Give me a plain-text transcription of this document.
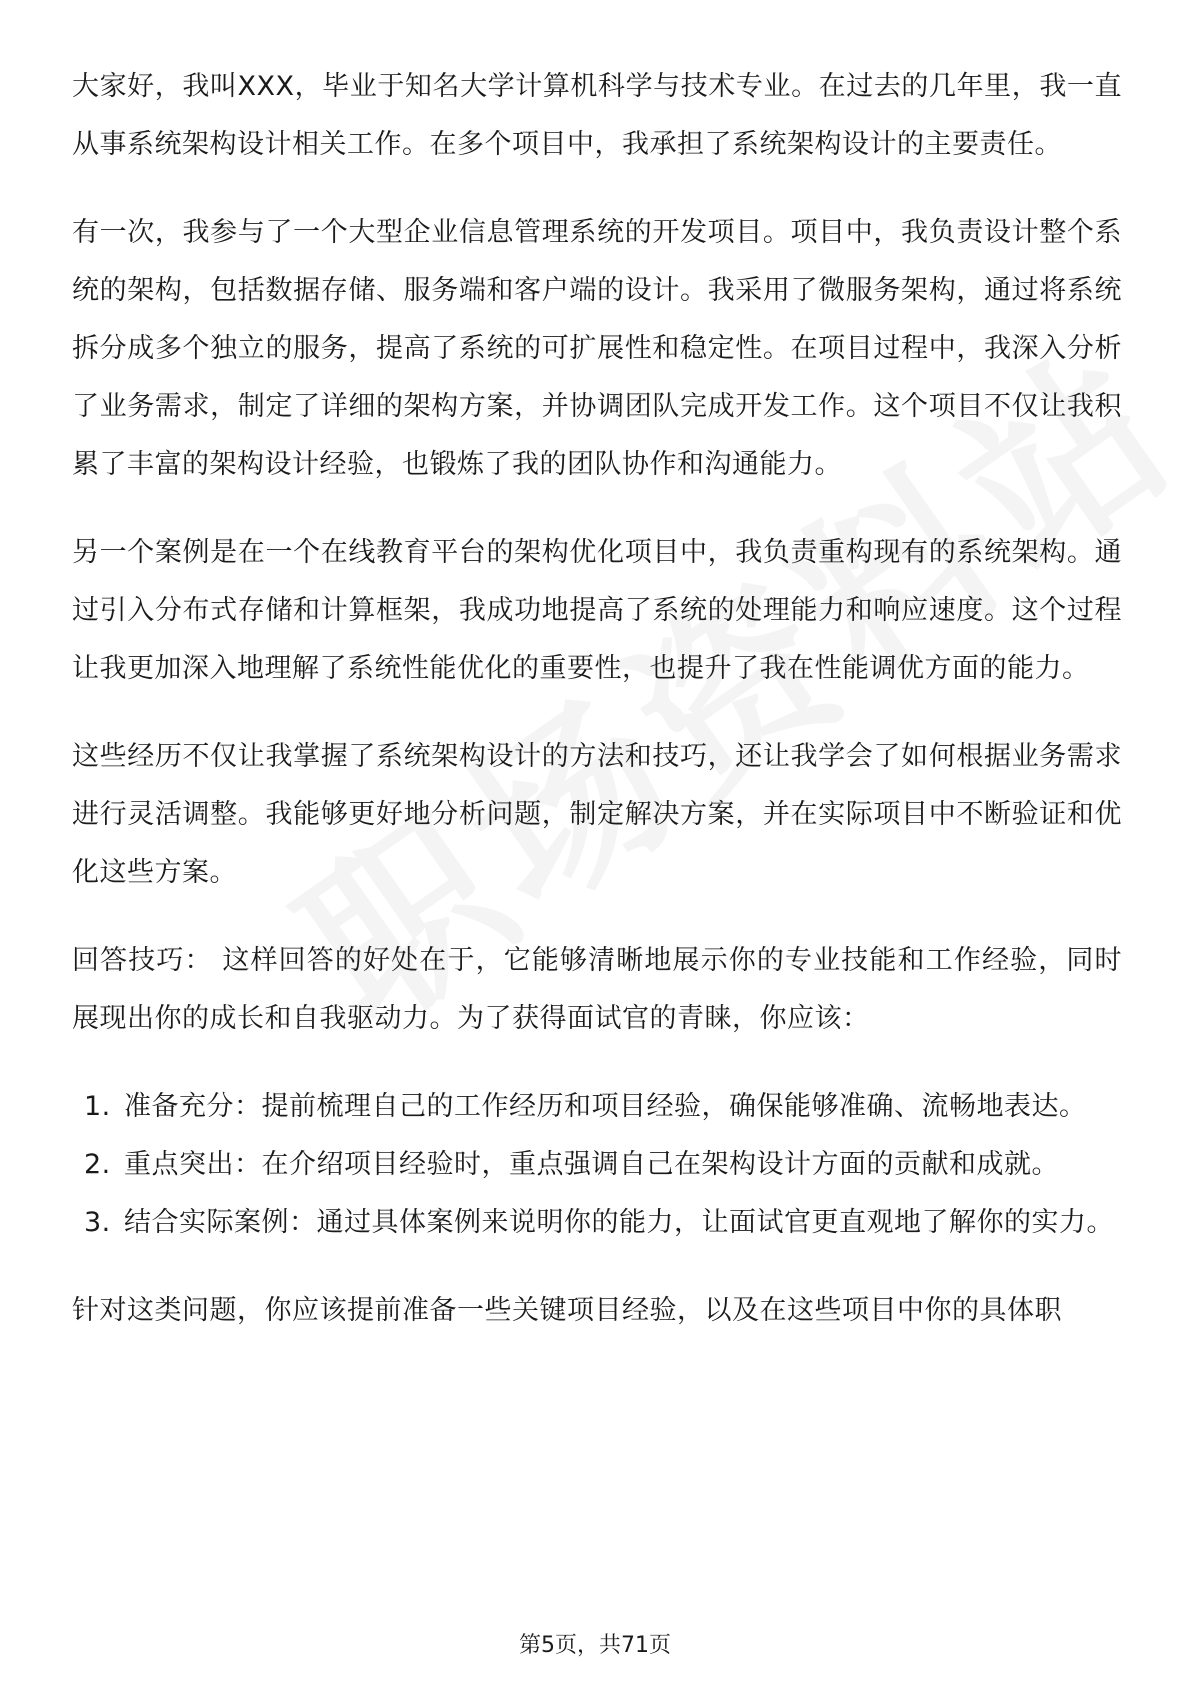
大家好，我叫XXX，毕业于知名大学计算机科学与技术专业。在过去的几年里，我一直从事系统架构设计相关工作。在多个项目中，我承担了系统架构设计的主要责任。

有一次，我参与了一个大型企业信息管理系统的开发项目。项目中，我负责设计整个系统的架构，包括数据存储、服务端和客户端的设计。我采用了微服务架构，通过将系统拆分成多个独立的服务，提高了系统的可扩展性和稳定性。在项目过程中，我深入分析了业务需求，制定了详细的架构方案，并协调团队完成开发工作。这个项目不仅让我积累了丰富的架构设计经验，也锻炼了我的团队协作和沟通能力。

另一个案例是在一个在线教育平台的架构优化项目中，我负责重构现有的系统架构。通过引入分布式存储和计算框架，我成功地提高了系统的处理能力和响应速度。这个过程让我更加深入地理解了系统性能优化的重要性，也提升了我在性能调优方面的能力。

这些经历不仅让我掌握了系统架构设计的方法和技巧，还让我学会了如何根据业务需求进行灵活调整。我能够更好地分析问题，制定解决方案，并在实际项目中不断验证和优化这些方案。

回答技巧： 这样回答的好处在于，它能够清晰地展示你的专业技能和工作经验，同时展现出你的成长和自我驱动力。为了获得面试官的青睐，你应该：

1. 准备充分：提前梳理自己的工作经历和项目经验，确保能够准确、流畅地表达。
2. 重点突出：在介绍项目经验时，重点强调自己在架构设计方面的贡献和成就。
3. 结合实际案例：通过具体案例来说明你的能力，让面试官更直观地了解你的实力。

针对这类问题，你应该提前准备一些关键项目经验，以及在这些项目中你的具体职

第5页，共71页
